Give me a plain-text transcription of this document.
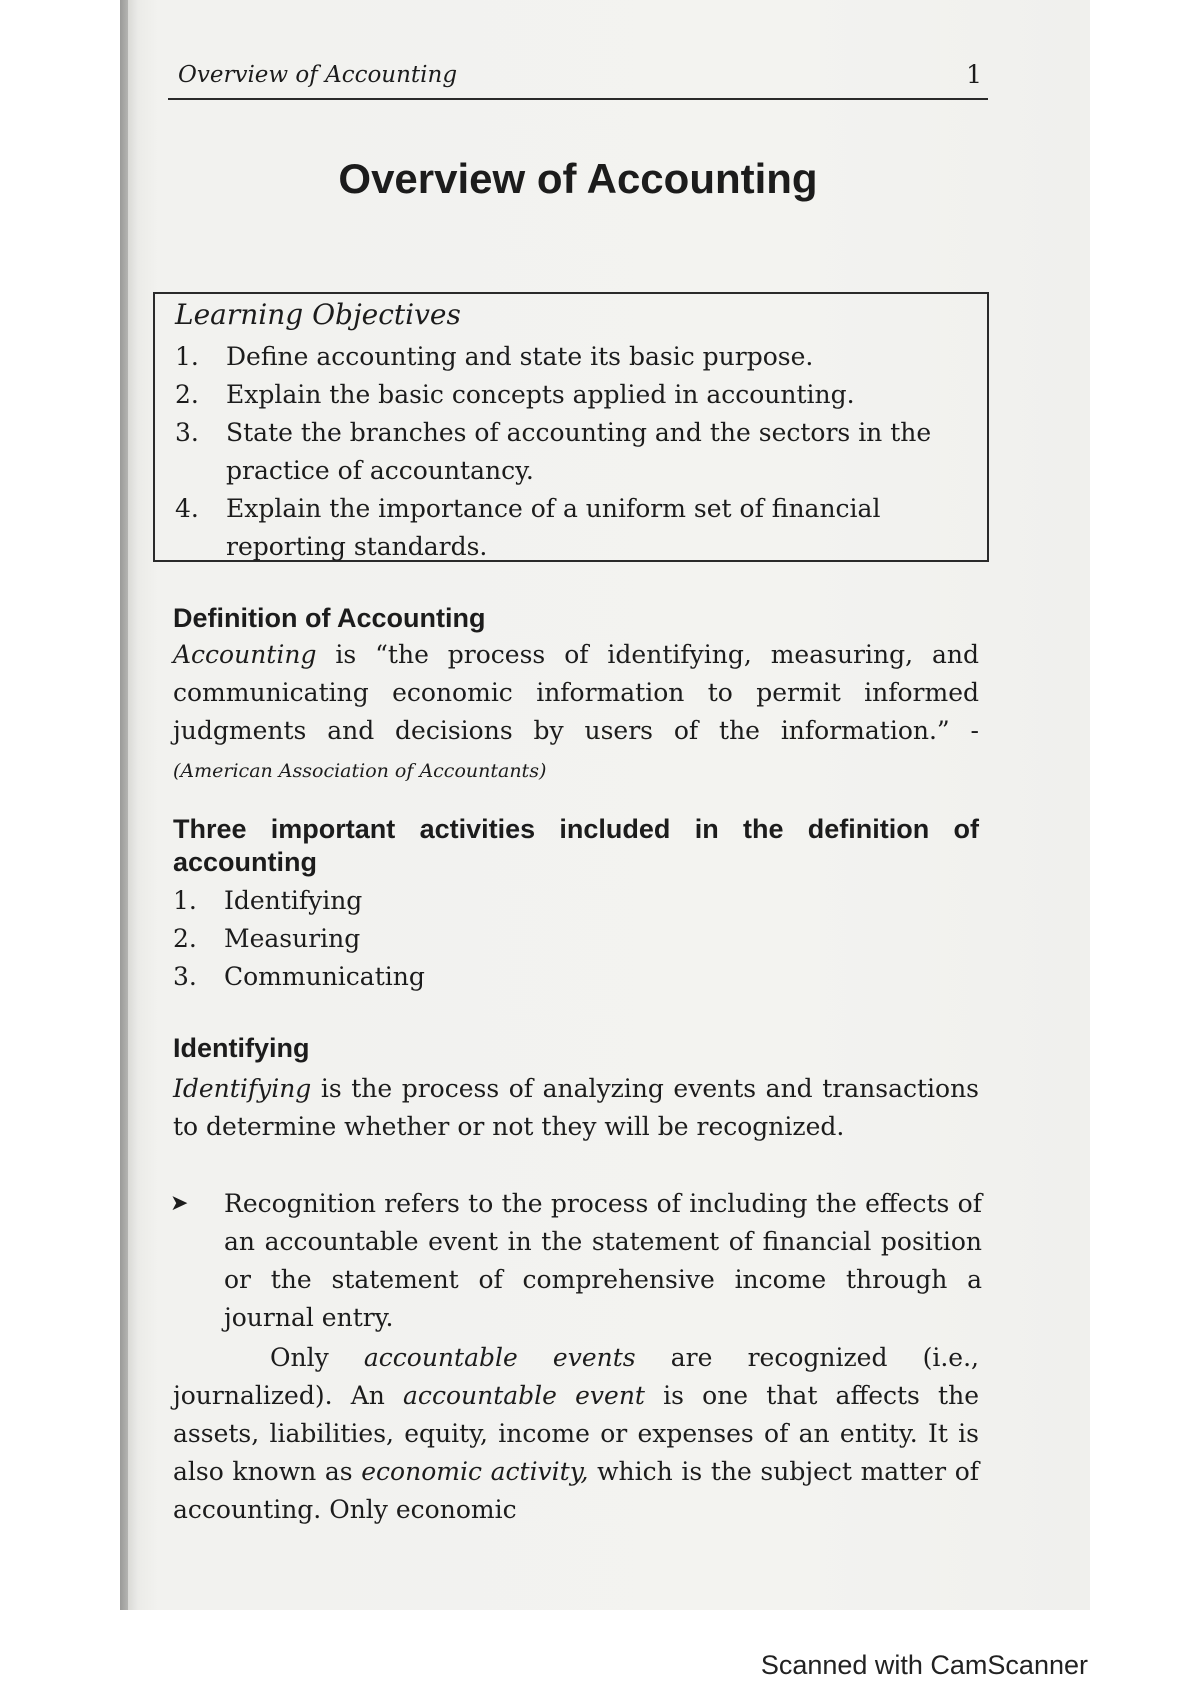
Overview of Accounting	1
Overview of Accounting
Learning Objectives
1.	Define accounting and state its basic purpose.
2.	Explain the basic concepts applied in accounting.
3.	State the branches of accounting and the sectors in the practice of accountancy.
4.	Explain the importance of a uniform set of financial reporting standards.
Definition of Accounting
Accounting is “the process of identifying, measuring, and communicating economic information to permit informed judgments and decisions by users of the information.” - (American Association of Accountants)
Three important activities included in the definition of accounting
1.	Identifying
2.	Measuring
3.	Communicating
Identifying
Identifying is the process of analyzing events and transactions to determine whether or not they will be recognized.
➤	Recognition refers to the process of including the effects of an accountable event in the statement of financial position or the statement of comprehensive income through a journal entry.
Only accountable events are recognized (i.e., journalized). An accountable event is one that affects the assets, liabilities, equity, income or expenses of an entity. It is also known as economic activity, which is the subject matter of accounting. Only economic
Scanned with CamScanner
